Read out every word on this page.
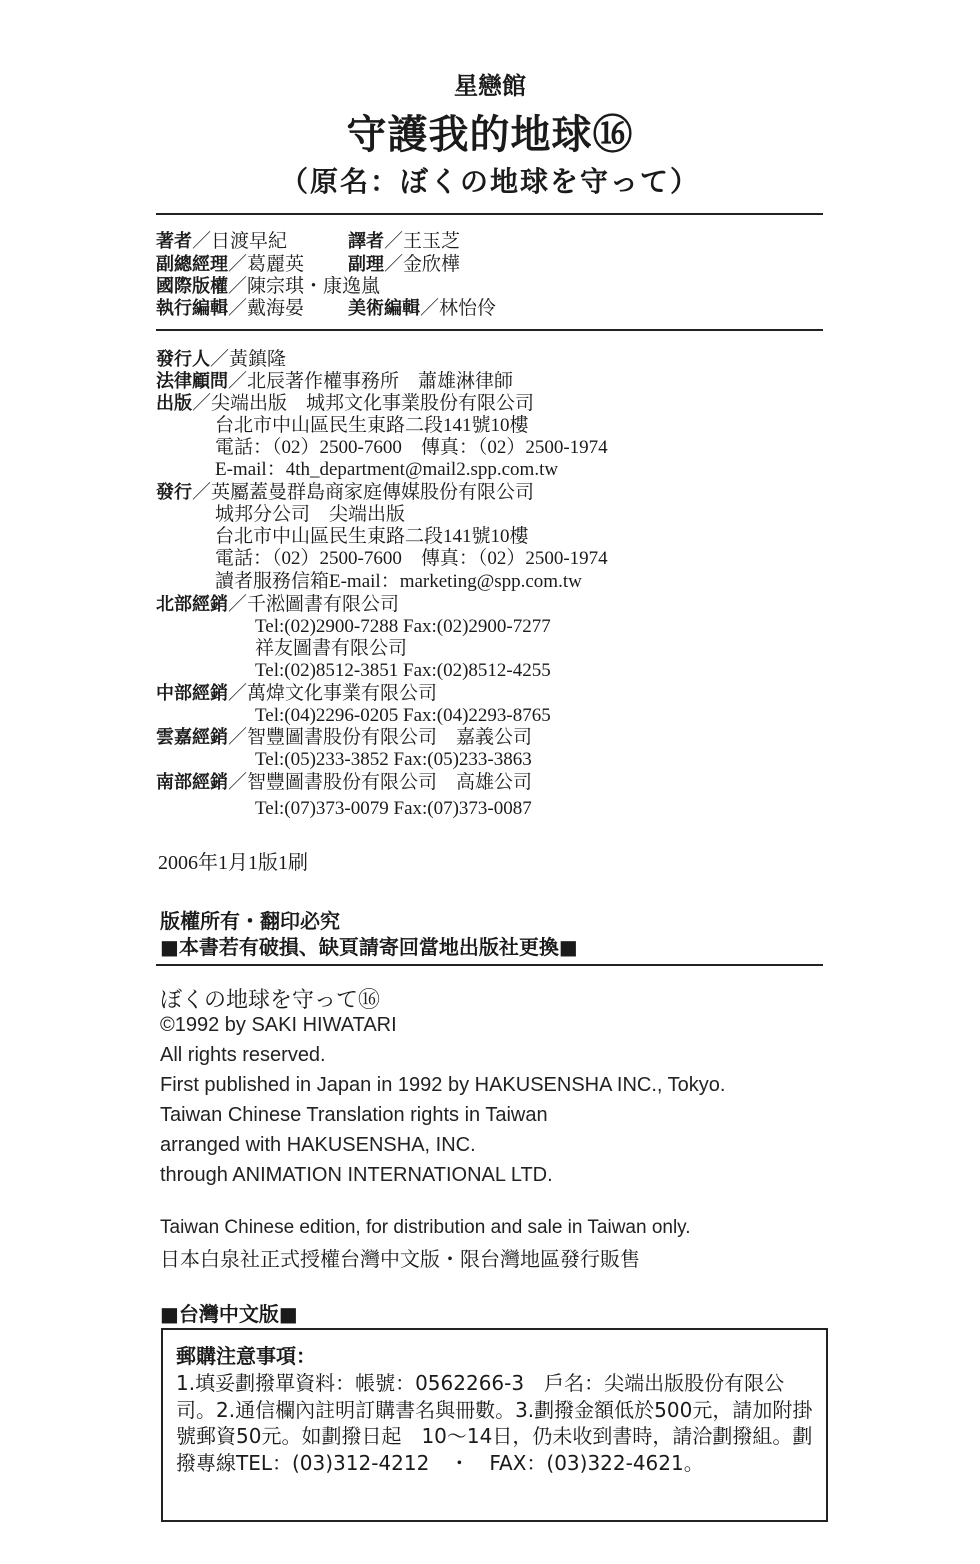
星戀館
守護我的地球⑯
（原名：ぼくの地球を守って）
著者／日渡早紀	譯者／王玉芝
副總經理／葛麗英 副理／金欣樺
國際版權／陳宗琪・康逸嵐
執行編輯／戴海晏 美術編輯／林怡伶
發行人／黃鎮隆
法律顧問／北辰著作權事務所　蕭雄淋律師
出版／尖端出版　城邦文化事業股份有限公司
台北市中山區民生東路二段141號10樓
電話：（02）2500-7600　傳真：（02）2500-1974
E-mail：4th_department@mail2.spp.com.tw
發行／英屬蓋曼群島商家庭傳媒股份有限公司
城邦分公司　尖端出版
台北市中山區民生東路二段141號10樓
電話：（02）2500-7600　傳真：（02）2500-1974
讀者服務信箱E-mail：marketing@spp.com.tw
北部經銷／千淞圖書有限公司
Tel:(02)2900-7288 Fax:(02)2900-7277
祥友圖書有限公司
Tel:(02)8512-3851 Fax:(02)8512-4255
中部經銷／萬煒文化事業有限公司
Tel:(04)2296-0205 Fax:(04)2293-8765
雲嘉經銷／智豐圖書股份有限公司　嘉義公司
Tel:(05)233-3852 Fax:(05)233-3863
南部經銷／智豐圖書股份有限公司　高雄公司
Tel:(07)373-0079 Fax:(07)373-0087
2006年1月1版1刷
版權所有・翻印必究
■本書若有破損、缺頁請寄回當地出版社更換■
ぼくの地球を守って⑯
©1992 by SAKI HIWATARI
All rights reserved.
First published in Japan in 1992 by HAKUSENSHA INC., Tokyo.
Taiwan Chinese Translation rights in Taiwan
arranged with HAKUSENSHA, INC.
through ANIMATION INTERNATIONAL LTD.
Taiwan Chinese edition, for distribution and sale in Taiwan only.
日本白泉社正式授權台灣中文版・限台灣地區發行販售
■台灣中文版■
郵購注意事項：
1.填妥劃撥單資料：帳號：0562266-3　戶名：尖端出版股份有限公司。2.通信欄內註明訂購書名與冊數。3.劃撥金額低於500元，請加附掛號郵資50元。如劃撥日起　10～14日，仍未收到書時，請洽劃撥組。劃撥專線TEL：(03)312-4212　・　FAX：(03)322-4621。
